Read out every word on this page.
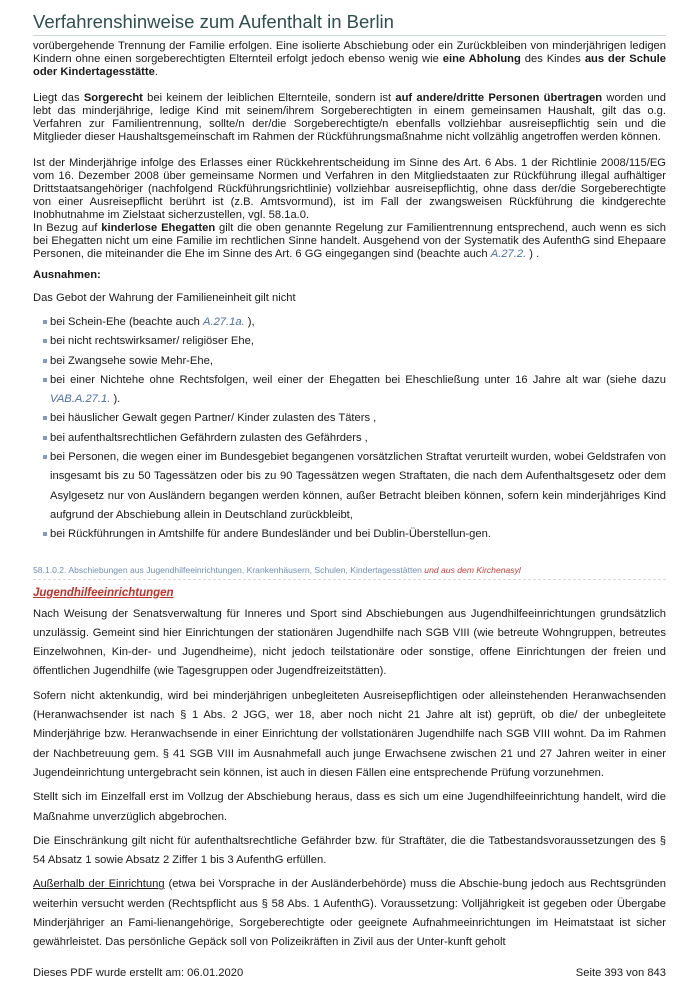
Verfahrenshinweise zum Aufenthalt in Berlin

vorübergehende Trennung der Familie erfolgen. Eine isolierte Abschiebung oder ein Zurückbleiben von minderjährigen ledigen Kindern ohne einen sorgeberechtigten Elternteil erfolgt jedoch ebenso wenig wie eine Abholung des Kindes aus der Schule oder Kindertagesstätte.

Liegt das Sorgerecht bei keinem der leiblichen Elternteile, sondern ist auf andere/dritte Personen übertragen worden und lebt das minderjährige, ledige Kind mit seinem/ihrem Sorgeberechtigten in einem gemeinsamen Haushalt, gilt das o.g. Verfahren zur Familientrennung, sollte/n der/die Sorgeberechtigte/n ebenfalls vollziehbar ausreisepflichtig sein und die Mitglieder dieser Haushaltsgemeinschaft im Rahmen der Rückführungsmaßnahme nicht vollzählig angetroffen werden können.

Ist der Minderjährige infolge des Erlasses einer Rückkehrentscheidung im Sinne des Art. 6 Abs. 1 der Richtlinie 2008/115/EG vom 16. Dezember 2008 über gemeinsame Normen und Verfahren in den Mitgliedstaaten zur Rückführung illegal aufhältiger Drittstaatsangehöriger (nachfolgend Rückführungsrichtlinie) vollziehbar ausreisepflichtig, ohne dass der/die Sorgeberechtigte von einer Ausreisepflicht berührt ist (z.B. Amtsvormund), ist im Fall der zwangsweisen Rückführung die kindgerechte Inobhutnahme im Zielstaat sicherzustellen, vgl. 58.1a.0.

In Bezug auf kinderlose Ehegatten gilt die oben genannte Regelung zur Familientrennung entsprechend, auch wenn es sich bei Ehegatten nicht um eine Familie im rechtlichen Sinne handelt. Ausgehend von der Systematik des AufenthG sind Ehepaare Personen, die miteinander die Ehe im Sinne des Art. 6 GG eingegangen sind (beachte auch A.27.2. ) .

Ausnahmen:

Das Gebot der Wahrung der Familieneinheit gilt nicht

bei Schein-Ehe (beachte auch A.27.1a. ),
bei nicht rechtswirksamer/ religiöser Ehe,
bei Zwangsehe sowie Mehr-Ehe,
bei einer Nichtehe ohne Rechtsfolgen, weil einer der Ehegatten bei Eheschließung unter 16 Jahre alt war (siehe dazu VAB.A.27.1. ).
bei häuslicher Gewalt gegen Partner/ Kinder zulasten des Täters ,
bei aufenthaltsrechtlichen Gefährdern zulasten des Gefährders ,
bei Personen, die wegen einer im Bundesgebiet begangenen vorsätzlichen Straftat verurteilt wurden, wobei Geldstrafen von insgesamt bis zu 50 Tagessätzen oder bis zu 90 Tagessätzen wegen Straftaten, die nach dem Aufenthaltsgesetz oder dem Asylgesetz nur von Ausländern begangen werden können, außer Betracht bleiben können, sofern kein minderjähriges Kind aufgrund der Abschiebung allein in Deutschland zurückbleibt,
bei Rückführungen in Amtshilfe für andere Bundesländer und bei Dublin-Überstellun-gen.

58.1.0.2. Abschiebungen aus Jugendhilfeeinrichtungen, Krankenhäusern, Schulen, Kindertagesstätten und aus dem Kirchenasyl

Jugendhilfeeinrichtungen

Nach Weisung der Senatsverwaltung für Inneres und Sport sind Abschiebungen aus Jugendhilfeeinrichtungen grundsätzlich unzulässig. Gemeint sind hier Einrichtungen der stationären Jugendhilfe nach SGB VIII (wie betreute Wohngruppen, betreutes Einzelwohnen, Kin-der- und Jugendheime), nicht jedoch teilstationäre oder sonstige, offene Einrichtungen der freien und öffentlichen Jugendhilfe (wie Tagesgruppen oder Jugendfreizeitstätten).

Sofern nicht aktenkundig, wird bei minderjährigen unbegleiteten Ausreisepflichtigen oder alleinstehenden Heranwachsenden (Heranwachsender ist nach § 1 Abs. 2 JGG, wer 18, aber noch nicht 21 Jahre alt ist) geprüft, ob die/ der unbegleitete Minderjährige bzw. Heranwachsende in einer Einrichtung der vollstationären Jugendhilfe nach SGB VIII wohnt. Da im Rahmen der Nachbetreuung gem. § 41 SGB VIII im Ausnahmefall auch junge Erwachsene zwischen 21 und 27 Jahren weiter in einer Jugendeinrichtung untergebracht sein können, ist auch in diesen Fällen eine entsprechende Prüfung vorzunehmen.

Stellt sich im Einzelfall erst im Vollzug der Abschiebung heraus, dass es sich um eine Jugendhilfeeinrichtung handelt, wird die Maßnahme unverzüglich abgebrochen.

Die Einschränkung gilt nicht für aufenthaltsrechtliche Gefährder bzw. für Straftäter, die die Tatbestandsvoraussetzungen des § 54 Absatz 1 sowie Absatz 2 Ziffer 1 bis 3 AufenthG erfüllen.

Außerhalb der Einrichtung (etwa bei Vorsprache in der Ausländerbehörde) muss die Abschie-bung jedoch aus Rechtsgründen weiterhin versucht werden (Rechtspflicht aus § 58 Abs. 1 AufenthG). Voraussetzung: Volljährigkeit ist gegeben oder Übergabe Minderjähriger an Fami-lienangehörige, Sorgeberechtigte oder geeignete Aufnahmeeinrichtungen im Heimatstaat ist sicher gewährleistet. Das persönliche Gepäck soll von Polizeikräften in Zivil aus der Unter-kunft geholt

Dieses PDF wurde erstellt am: 06.01.2020	Seite 393 von 843
